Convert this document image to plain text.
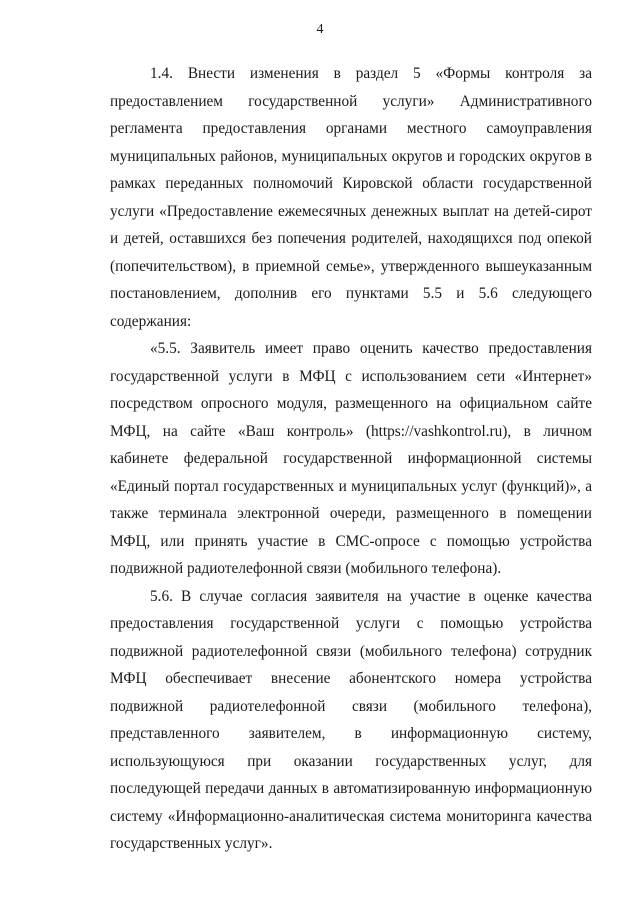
4

1.4. Внести изменения в раздел 5 «Формы контроля за предоставлением государственной услуги» Административного регламента предоставления органами местного самоуправления муниципальных районов, муниципальных округов и городских округов в рамках переданных полномочий Кировской области государственной услуги «Предоставление ежемесячных денежных выплат на детей-сирот и детей, оставшихся без попечения родителей, находящихся под опекой (попечительством), в приемной семье», утвержденного вышеуказанным постановлением, дополнив его пунктами 5.5 и 5.6 следующего содержания:

«5.5. Заявитель имеет право оценить качество предоставления государственной услуги в МФЦ с использованием сети «Интернет» посредством опросного модуля, размещенного на официальном сайте МФЦ, на сайте «Ваш контроль» (https://vashkontrol.ru), в личном кабинете федеральной государственной информационной системы «Единый портал государственных и муниципальных услуг (функций)», а также терминала электронной очереди, размещенного в помещении МФЦ, или принять участие в СМС-опросе с помощью устройства подвижной радиотелефонной связи (мобильного телефона).

5.6. В случае согласия заявителя на участие в оценке качества предоставления государственной услуги с помощью устройства подвижной радиотелефонной связи (мобильного телефона) сотрудник МФЦ обеспечивает внесение абонентского номера устройства подвижной радиотелефонной связи (мобильного телефона), представленного заявителем, в информационную систему, использующуюся при оказании государственных услуг, для последующей передачи данных в автоматизированную информационную систему «Информационно-аналитическая система мониторинга качества государственных услуг».
